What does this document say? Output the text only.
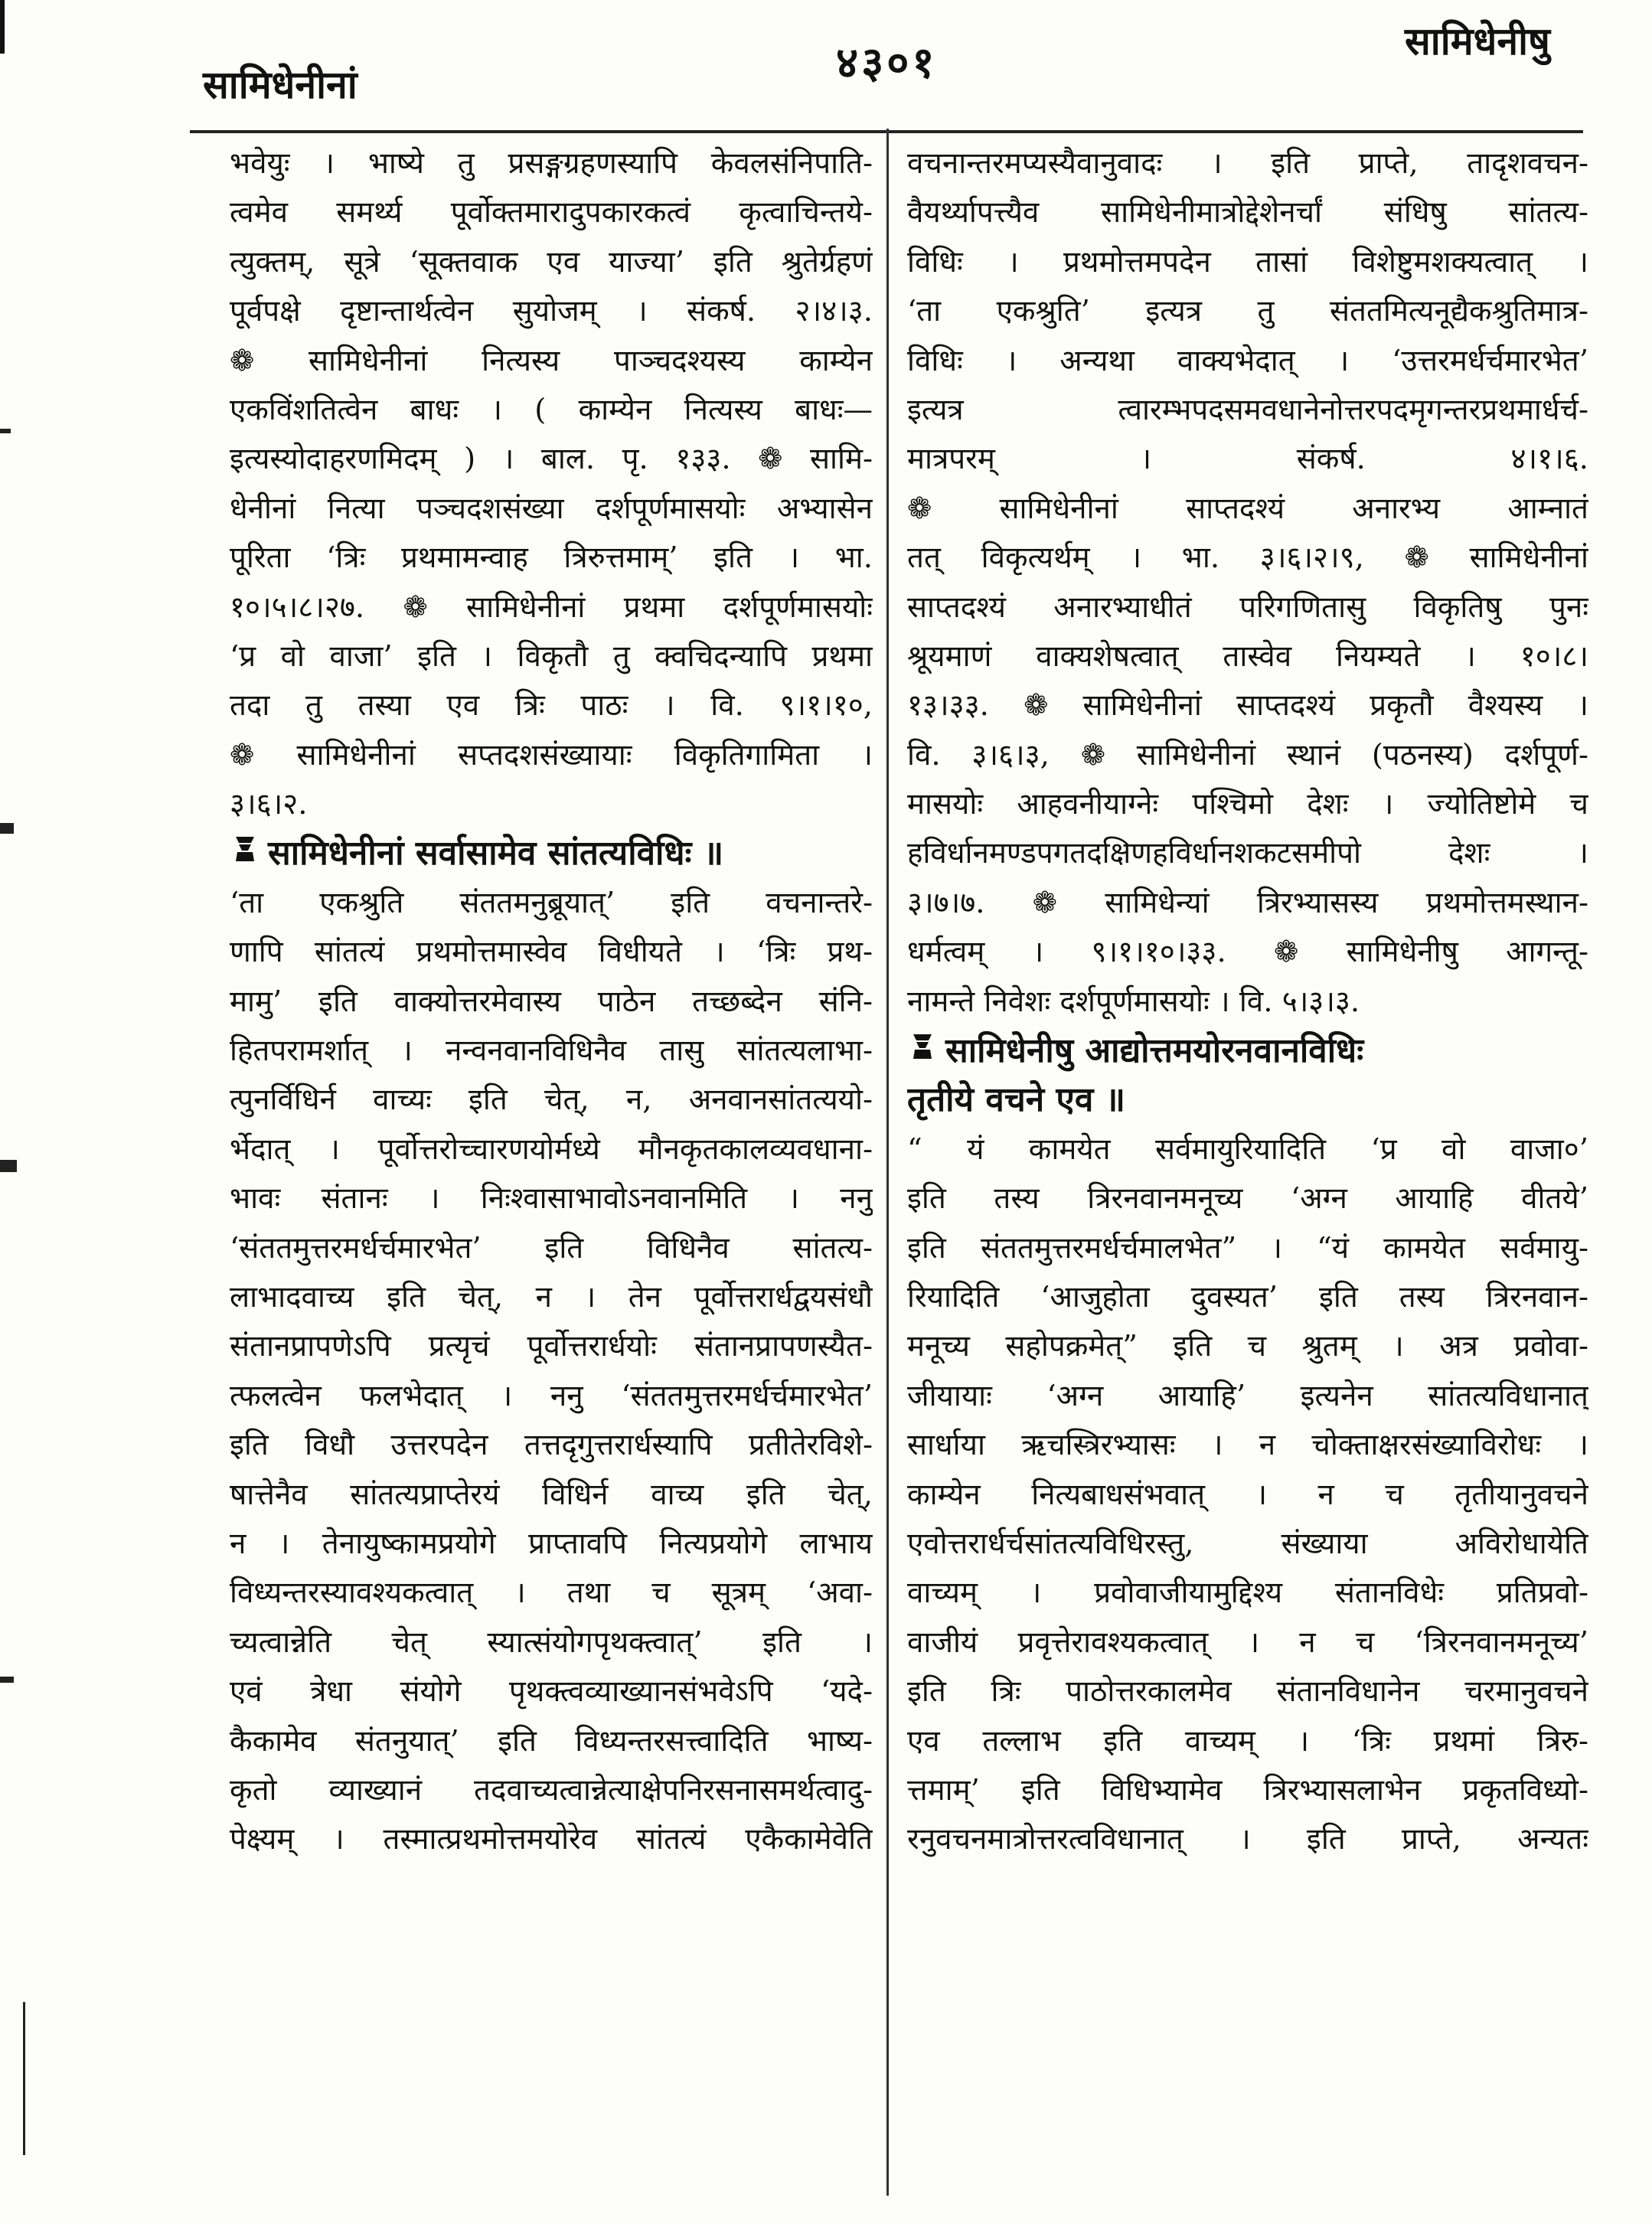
सामिधेनीनां	४३०१	सामिधेनीषु
भवेयुः । भाष्ये तु प्रसङ्गग्रहणस्यापि केवलसंनिपाति-
त्वमेव समर्थ्य पूर्वोक्तमारादुपकारकत्वं कृत्वाचिन्तये-
त्युक्तम्, सूत्रे ‘सूक्तवाक एव याज्या’ इति श्रुतेर्ग्रहणं
पूर्वपक्षे दृष्टान्तार्थत्वेन सुयोजम् । संकर्ष. २।४।३.
❁ सामिधेनीनां नित्यस्य पाञ्चदश्यस्य काम्येन
एकविंशतित्वेन बाधः । ( काम्येन नित्यस्य बाधः—
इत्यस्योदाहरणमिदम् ) । बाल. पृ. १३३. ❁ सामि-
धेनीनां नित्या पञ्चदशसंख्या दर्शपूर्णमासयोः अभ्यासेन
पूरिता ‘त्रिः प्रथमामन्वाह त्रिरुत्तमाम्’ इति । भा.
१०।५।८।२७. ❁ सामिधेनीनां प्रथमा दर्शपूर्णमासयोः
‘प्र वो वाजा’ इति । विकृतौ तु क्वचिदन्यापि प्रथमा
तदा तु तस्या एव त्रिः पाठः । वि. ९।१।१०,
❁ सामिधेनीनां सप्तदशसंख्यायाः विकृतिगामिता ।
३।६।२.
सामिधेनीनां सर्वासामेव सांतत्यविधिः ॥
‘ता एकश्रुति संततमनुब्रूयात्’ इति वचनान्तरे-
णापि सांतत्यं प्रथमोत्तमास्वेव विधीयते । ‘त्रिः प्रथ-
मामु’ इति वाक्योत्तरमेवास्य पाठेन तच्छब्देन संनि-
हितपरामर्शात् । नन्वनवानविधिनैव तासु सांतत्यलाभा-
त्पुनर्विधिर्न वाच्यः इति चेत्, न, अनवानसांतत्ययो-
र्भेदात् । पूर्वोत्तरोच्चारणयोर्मध्ये मौनकृतकालव्यवधाना-
भावः संतानः । निःश्वासाभावोऽनवानमिति । ननु
‘संततमुत्तरमर्धर्चमारभेत’ इति विधिनैव सांतत्य-
लाभादवाच्य इति चेत्, न । तेन पूर्वोत्तरार्धद्वयसंधौ
संतानप्रापणेऽपि प्रत्यृचं पूर्वोत्तरार्धयोः संतानप्रापणस्यैत-
त्फलत्वेन फलभेदात् । ननु ‘संततमुत्तरमर्धर्चमारभेत’
इति विधौ उत्तरपदेन तत्तदृगुत्तरार्धस्यापि प्रतीतेरविशे-
षात्तेनैव सांतत्यप्राप्तेरयं विधिर्न वाच्य इति चेत्,
न । तेनायुष्कामप्रयोगे प्राप्तावपि नित्यप्रयोगे लाभाय
विध्यन्तरस्यावश्यकत्वात् । तथा च सूत्रम् ‘अवा-
च्यत्वान्नेति चेत् स्यात्संयोगपृथक्त्वात्’ इति ।
एवं त्रेधा संयोगे पृथक्त्वव्याख्यानसंभवेऽपि ‘यदे-
कैकामेव संतनुयात्’ इति विध्यन्तरसत्त्वादिति भाष्य-
कृतो व्याख्यानं तदवाच्यत्वान्नेत्याक्षेपनिरसनासमर्थत्वादु-
पेक्ष्यम् । तस्मात्प्रथमोत्तमयोरेव सांतत्यं एकैकामेवेति
वचनान्तरमप्यस्यैवानुवादः । इति प्राप्ते, तादृशवचन-
वैयर्थ्यापत्त्यैव सामिधेनीमात्रोद्देशेनर्चां संधिषु सांतत्य-
विधिः । प्रथमोत्तमपदेन तासां विशेष्टुमशक्यत्वात् ।
‘ता एकश्रुति’ इत्यत्र तु संततमित्यनूद्यैकश्रुतिमात्र-
विधिः । अन्यथा वाक्यभेदात् । ‘उत्तरमर्धर्चमारभेत’
इत्यत्र त्वारम्भपदसमवधानेनोत्तरपदमृगन्तरप्रथमार्धर्च-
मात्रपरम् । संकर्ष. ४।१।६.
❁ सामिधेनीनां साप्तदश्यं अनारभ्य आम्नातं
तत् विकृत्यर्थम् । भा. ३।६।२।९, ❁ सामिधेनीनां
साप्तदश्यं अनारभ्याधीतं परिगणितासु विकृतिषु पुनः
श्रूयमाणं वाक्यशेषत्वात् तास्वेव नियम्यते । १०।८।
१३।३३. ❁ सामिधेनीनां साप्तदश्यं प्रकृतौ वैश्यस्य ।
वि. ३।६।३, ❁ सामिधेनीनां स्थानं (पठनस्य) दर्शपूर्ण-
मासयोः आहवनीयाग्नेः पश्चिमो देशः । ज्योतिष्टोमे च
हविर्धानमण्डपगतदक्षिणहविर्धानशकटसमीपो देशः ।
३।७।७. ❁ सामिधेन्यां त्रिरभ्यासस्य प्रथमोत्तमस्थान-
धर्मत्वम् । ९।१।१०।३३. ❁ सामिधेनीषु आगन्तू-
नामन्ते निवेशः दर्शपूर्णमासयोः । वि. ५।३।३.
सामिधेनीषु आद्योत्तमयोरनवानविधिः
तृतीये वचने एव ॥
“ यं कामयेत सर्वमायुरियादिति ‘प्र वो वाजा०’
इति तस्य त्रिरनवानमनूच्य ‘अग्न आयाहि वीतये’
इति संततमुत्तरमर्धर्चमालभेत” । “यं कामयेत सर्वमायु-
रियादिति ‘आजुहोता दुवस्यत’ इति तस्य त्रिरनवान-
मनूच्य सहोपक्रमेत्” इति च श्रुतम् । अत्र प्रवोवा-
जीयायाः ‘अग्न आयाहि’ इत्यनेन सांतत्यविधानात्
सार्धाया ऋचस्त्रिरभ्यासः । न चोक्ताक्षरसंख्याविरोधः ।
काम्येन नित्यबाधसंभवात् । न च तृतीयानुवचने
एवोत्तरार्धर्चसांतत्यविधिरस्तु, संख्याया अविरोधायेति
वाच्यम् । प्रवोवाजीयामुद्दिश्य संतानविधेः प्रतिप्रवो-
वाजीयं प्रवृत्तेरावश्यकत्वात् । न च ‘त्रिरनवानमनूच्य’
इति त्रिः पाठोत्तरकालमेव संतानविधानेन चरमानुवचने
एव तल्लाभ इति वाच्यम् । ‘त्रिः प्रथमां त्रिरु-
त्तमाम्’ इति विधिभ्यामेव त्रिरभ्यासलाभेन प्रकृतविध्यो-
रनुवचनमात्रोत्तरत्वविधानात् । इति प्राप्ते, अन्यतः
